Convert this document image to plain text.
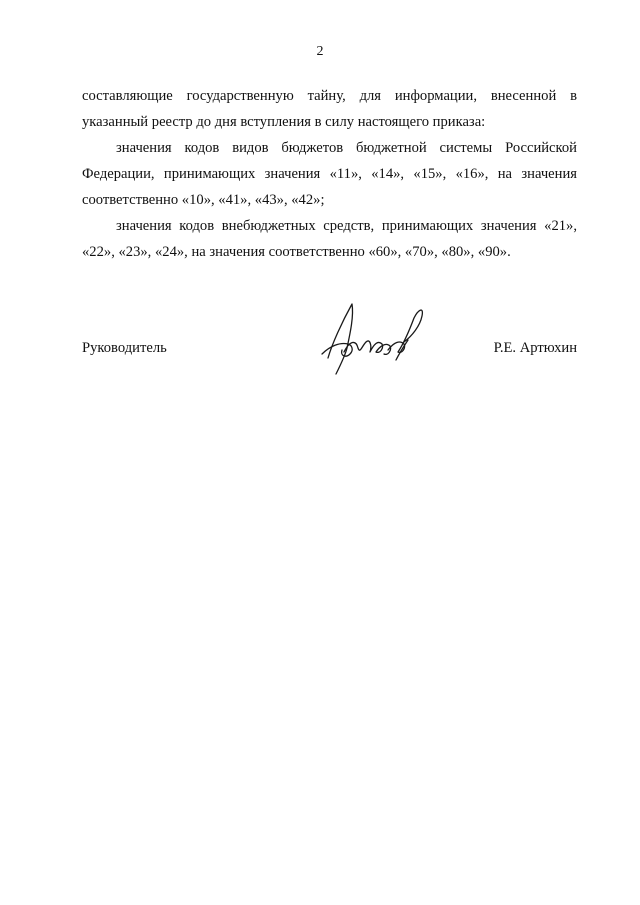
2

составляющие государственную тайну, для информации, внесенной в указанный реестр до дня вступления в силу настоящего приказа:

значения кодов видов бюджетов бюджетной системы Российской Федерации, принимающих значения «11», «14», «15», «16», на значения соответственно «10», «41», «43», «42»;

значения кодов внебюджетных средств, принимающих значения «21», «22», «23», «24», на значения соответственно «60», «70», «80», «90».

Руководитель	Р.Е. Артюхин
